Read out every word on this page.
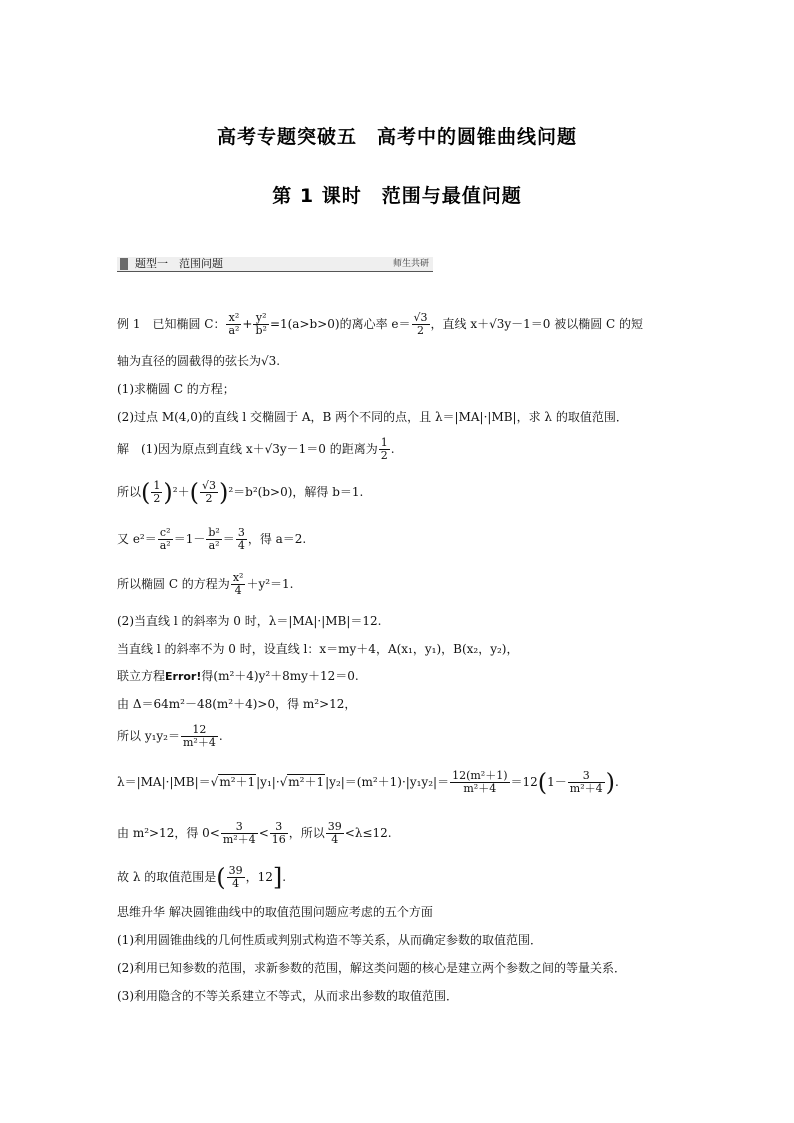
高考专题突破五　高考中的圆锥曲线问题
第 1 课时　范围与最值问题
题型一　范围问题	师生共研
例 1　已知椭圆 C： $\frac{\text{x²}}{\text{a²}} + \frac{\text{y²}}{\text{b²}} =1(a>b>0)$的离心率 $e= \frac{√3}{2}$ ，直线 x＋√3y－1＝0 被以椭圆 C 的短
轴为直径的圆截得的弦长为√3.
(1)求椭圆 C 的方程；
(2)过点 M(4,0)的直线 l 交椭圆于 A，B 两个不同的点，且 λ＝|MA|·|MB|，求 λ 的取值范围．
解　(1)因为原点到直线 x＋√3y－1＝0 的距离为 $\frac{1}{2}$ .
所以( $\frac{1}{2} )^2+( \frac{√3}{2} )^2=b^2(b>0)$，解得 b＝1.
又 $e^2= \frac{\text{c²}}{\text{a²}} =1- \frac{\text{b²}}{\text{a²}} = \frac{3}{4}$ ，得 a＝2.
所以椭圆 C 的方程为 $\frac{\text{x²}}{4} +y^2=1$.
(2)当直线 l 的斜率为 0 时，λ＝|MA|·|MB|＝12.
当直线 l 的斜率不为 0 时，设直线 l：x＝my＋4，A(x₁，y₁)，B(x₂，y₂)，
联立方程Error!得(m²＋4)y²＋8my＋12＝0.
由 Δ＝64m²－48(m²＋4)>0，得 m²>12，
所以 $y_1y_2= \frac{12}{\text{m²＋4}}$ .
$\lambda=|MA|\cdot|MB|=√m^2+1|y_1|\cdot√m^2+1|y_2|=(m^2+1)\cdot|y_1y_2|= \frac{\text{12(m²＋1)}}{\text{m²＋4}} =12(1- \frac{3}{\text{m²＋4}}$ ).
由 m²>12，得 $0< \frac{3}{\text{m²＋4}} < \frac{3}{16}$ ，所以 $\frac{39}{4} <\lambda\le 12$.
故 λ 的取值范围是( $\frac{39}{4}$ ，12].
思维升华 解决圆锥曲线中的取值范围问题应考虑的五个方面
(1)利用圆锥曲线的几何性质或判别式构造不等关系，从而确定参数的取值范围．
(2)利用已知参数的范围，求新参数的范围，解这类问题的核心是建立两个参数之间的等量关系．
(3)利用隐含的不等关系建立不等式，从而求出参数的取值范围．
